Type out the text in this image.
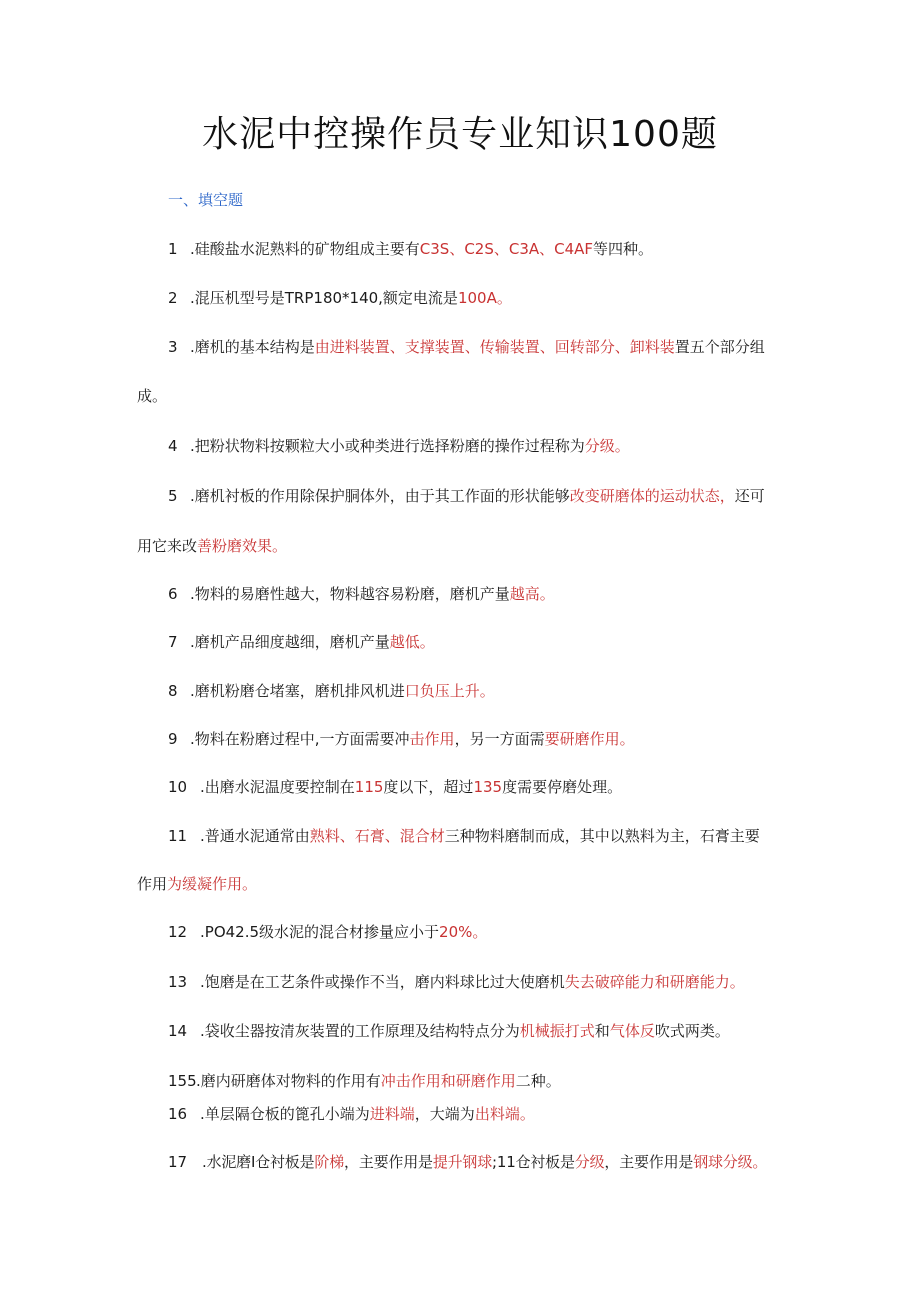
水泥中控操作员专业知识100题
一、填空题
1 .硅酸盐水泥熟料的矿物组成主要有C3S、C2S、C3A、C4AF等四种。
2 .混压机型号是TRP180*140,额定电流是100A。
3 .磨机的基本结构是由进料装置、支撑装置、传输装置、回转部分、卸料装置五个部分组
成。
4 .把粉状物料按颗粒大小或种类进行选择粉磨的操作过程称为分级。
5 .磨机衬板的作用除保护胴体外，由于其工作面的形状能够改变研磨体的运动状态，还可
用它来改善粉磨效果。
6 .物料的易磨性越大，物料越容易粉磨，磨机产量越高。
7 .磨机产品细度越细，磨机产量越低。
8 .磨机粉磨仓堵塞，磨机排风机进口负压上升。
9 .物料在粉磨过程中,一方面需要冲击作用，另一方面需要研磨作用。
10 .出磨水泥温度要控制在115度以下，超过135度需要停磨处理。
11 .普通水泥通常由熟料、石膏、混合材三种物料磨制而成，其中以熟料为主，石膏主要
作用为缓凝作用。
12 .PO42.5级水泥的混合材掺量应小于20%。
13 .饱磨是在工艺条件或操作不当，磨内料球比过大使磨机失去破碎能力和研磨能力。
14 .袋收尘器按清灰装置的工作原理及结构特点分为机械振打式和气体反吹式两类。
155 .磨内研磨体对物料的作用有冲击作用和研磨作用二种。
16 .单层隔仓板的篦孔小端为进料端，大端为出料端。
17 .水泥磨I仓衬板是阶梯，主要作用是提升钢球;11仓衬板是分级，主要作用是钢球分级。
